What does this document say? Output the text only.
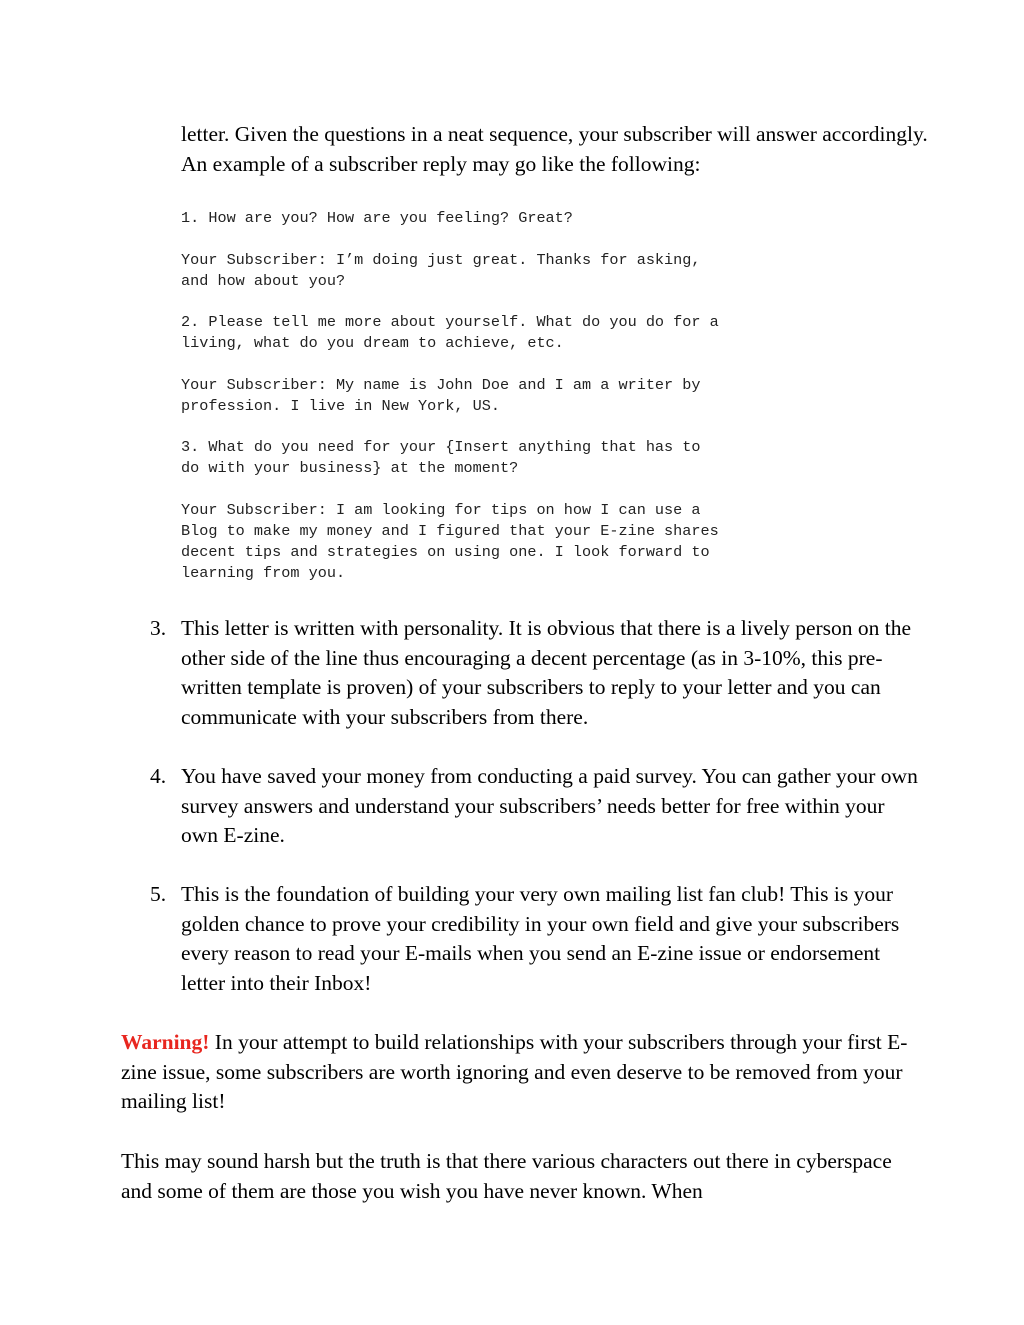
letter. Given the questions in a neat sequence, your subscriber will answer accordingly. An example of a subscriber reply may go like the following:

1. How are you? How are you feeling? Great?
Your Subscriber: I’m doing just great. Thanks for asking,
and how about you?
2. Please tell me more about yourself. What do you do for a
living, what do you dream to achieve, etc.
Your Subscriber: My name is John Doe and I am a writer by
profession. I live in New York, US.
3. What do you need for your {Insert anything that has to
do with your business} at the moment?
Your Subscriber: I am looking for tips on how I can use a
Blog to make my money and I figured that your E-zine shares
decent tips and strategies on using one. I look forward to
learning from you.
3. This letter is written with personality. It is obvious that there is a lively person on the other side of the line thus encouraging a decent percentage (as in 3-10%, this pre-written template is proven) of your subscribers to reply to your letter and you can communicate with your subscribers from there.
4. You have saved your money from conducting a paid survey. You can gather your own survey answers and understand your subscribers’ needs better for free within your own E-zine.
5. This is the foundation of building your very own mailing list fan club! This is your golden chance to prove your credibility in your own field and give your subscribers every reason to read your E-mails when you send an E-zine issue or endorsement letter into their Inbox!

Warning! In your attempt to build relationships with your subscribers through your first E-zine issue, some subscribers are worth ignoring and even deserve to be removed from your mailing list!

This may sound harsh but the truth is that there various characters out there in cyberspace and some of them are those you wish you have never known. When
